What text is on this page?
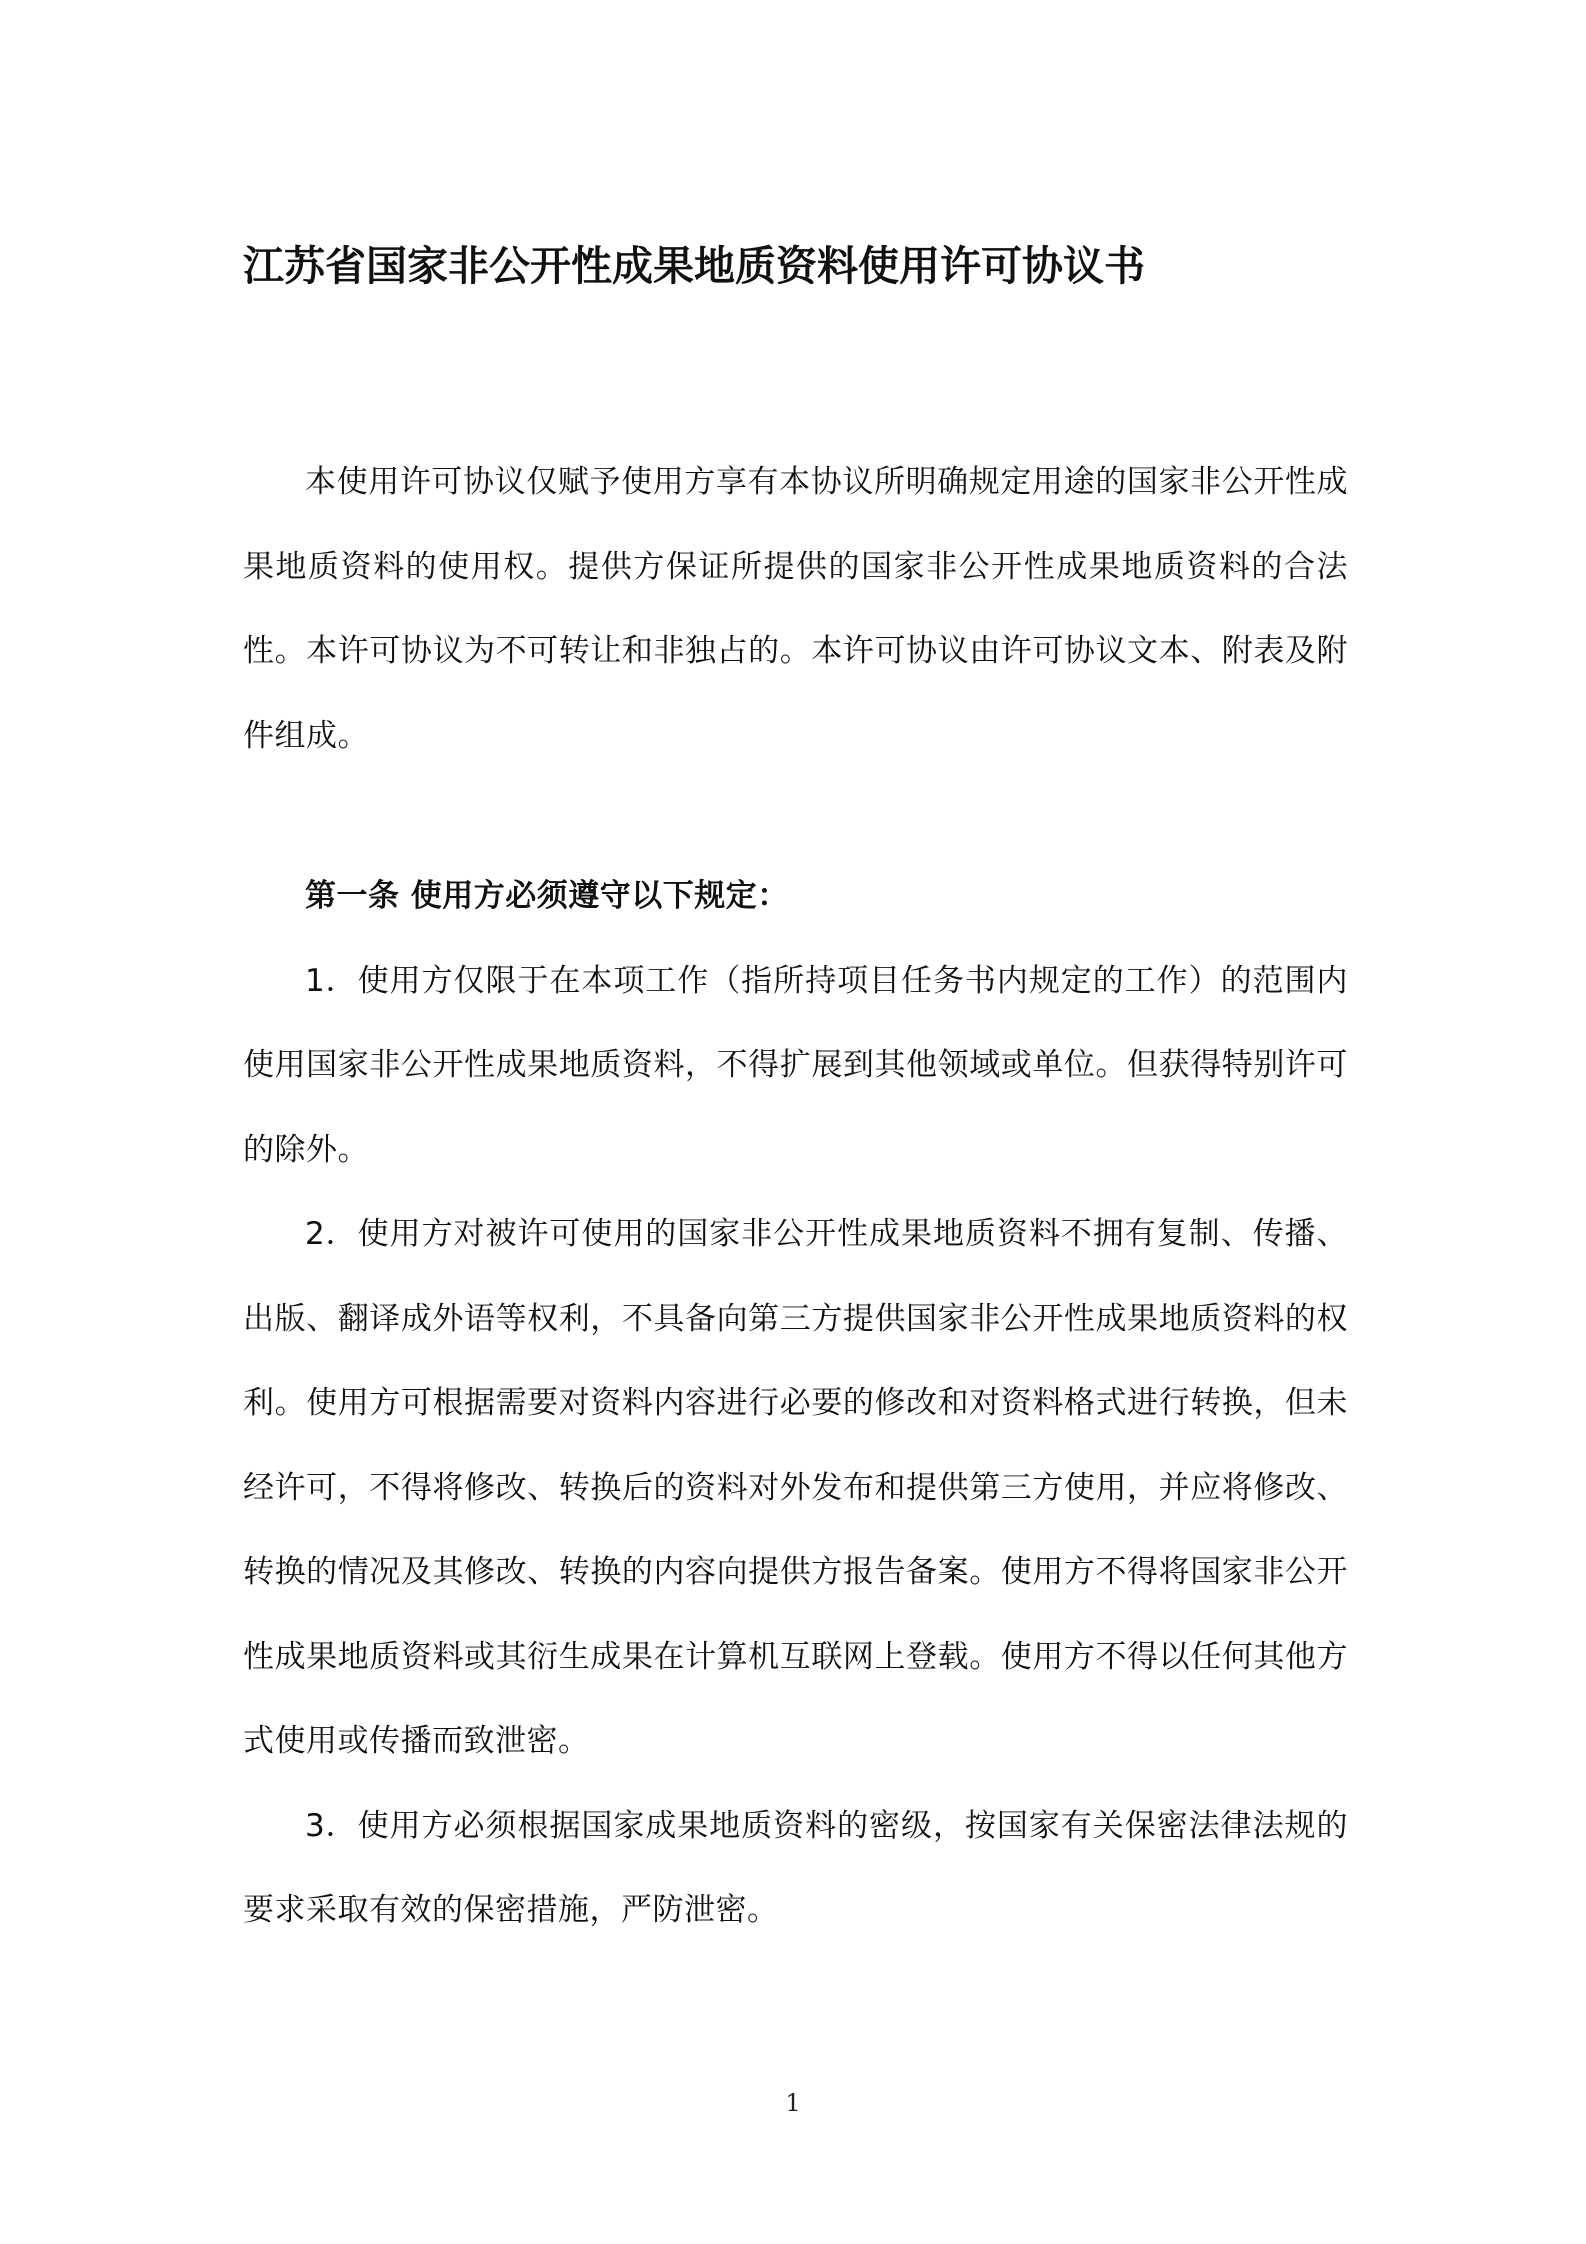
江苏省国家非公开性成果地质资料使用许可协议书

本使用许可协议仅赋予使用方享有本协议所明确规定用途的国家非公开性成果地质资料的使用权。提供方保证所提供的国家非公开性成果地质资料的合法性。本许可协议为不可转让和非独占的。本许可协议由许可协议文本、附表及附件组成。

第一条 使用方必须遵守以下规定：

1．使用方仅限于在本项工作（指所持项目任务书内规定的工作）的范围内使用国家非公开性成果地质资料，不得扩展到其他领域或单位。但获得特别许可的除外。

2．使用方对被许可使用的国家非公开性成果地质资料不拥有复制、传播、出版、翻译成外语等权利，不具备向第三方提供国家非公开性成果地质资料的权利。使用方可根据需要对资料内容进行必要的修改和对资料格式进行转换，但未经许可，不得将修改、转换后的资料对外发布和提供第三方使用，并应将修改、转换的情况及其修改、转换的内容向提供方报告备案。使用方不得将国家非公开性成果地质资料或其衍生成果在计算机互联网上登载。使用方不得以任何其他方式使用或传播而致泄密。

3．使用方必须根据国家成果地质资料的密级，按国家有关保密法律法规的要求采取有效的保密措施，严防泄密。

1
